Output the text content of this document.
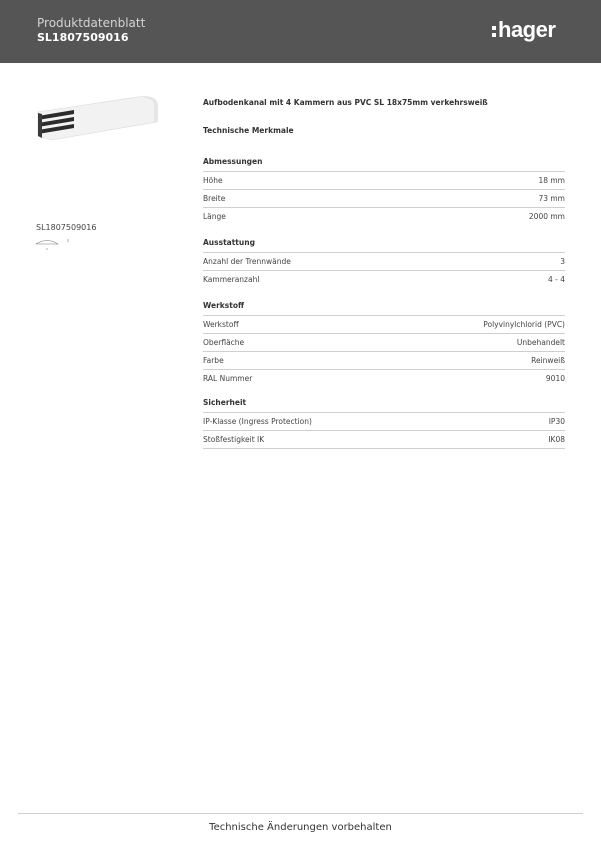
Produktdatenblatt
SL1807509016	hager
SL1807509016
Aufbodenkanal mit 4 Kammern aus PVC SL 18x75mm verkehrsweiß
Technische Merkmale
Abmessungen
Höhe	18 mm
Breite	73 mm
Länge	2000 mm
Ausstattung
Anzahl der Trennwände	3
Kammeranzahl	4 - 4
Werkstoff
Werkstoff	Polyvinylchlorid (PVC)
Oberfläche	Unbehandelt
Farbe	Reinweiß
RAL Nummer	9010
Sicherheit
IP-Klasse (Ingress Protection)	IP30
Stoßfestigkeit IK	IK08
Technische Änderungen vorbehalten
